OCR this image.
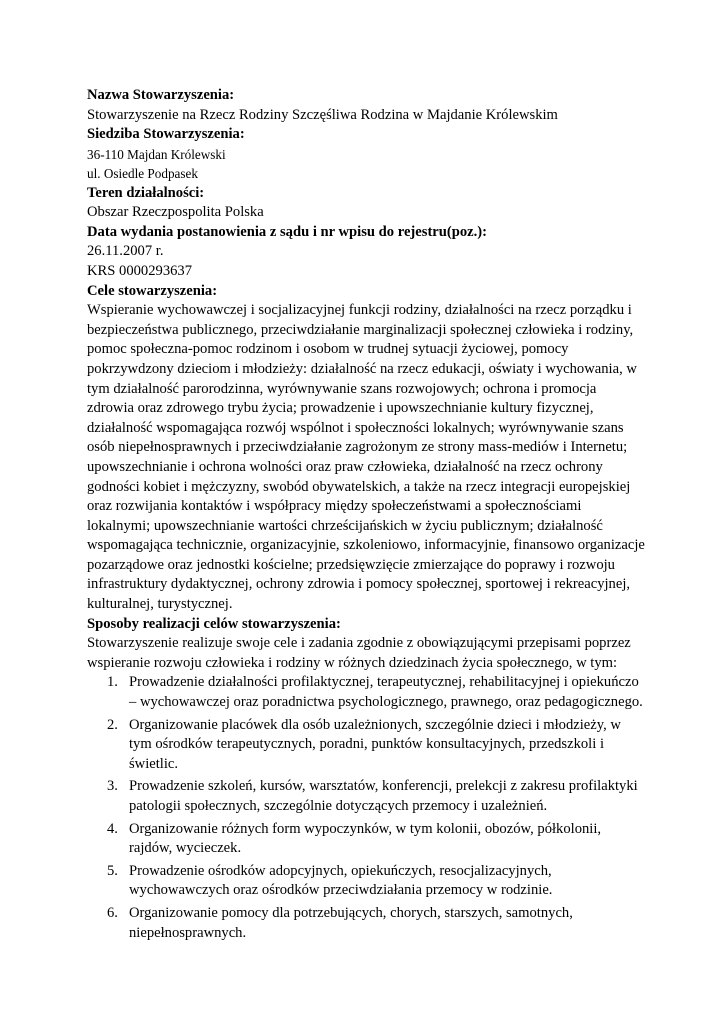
Nazwa Stowarzyszenia:
Stowarzyszenie na Rzecz Rodziny Szczęśliwa Rodzina w Majdanie Królewskim
Siedziba Stowarzyszenia:
36-110 Majdan Królewski
ul. Osiedle Podpasek
Teren działalności:
Obszar Rzeczpospolita Polska
Data wydania postanowienia z sądu i nr wpisu do rejestru(poz.):
26.11.2007 r.
KRS 0000293637
Cele stowarzyszenia:
Wspieranie wychowawczej i socjalizacyjnej funkcji rodziny, działalności na rzecz porządku i bezpieczeństwa publicznego, przeciwdziałanie marginalizacji społecznej człowieka i rodziny, pomoc społeczna-pomoc rodzinom i osobom w trudnej sytuacji życiowej, pomocy pokrzywdzony dzieciom i młodzieży: działalność na rzecz edukacji, oświaty i wychowania, w tym działalność parorodzinna, wyrównywanie szans rozwojowych; ochrona i promocja zdrowia oraz zdrowego trybu życia; prowadzenie i upowszechnianie kultury fizycznej, działalność wspomagająca rozwój wspólnot i społeczności lokalnych; wyrównywanie szans osób niepełnosprawnych i przeciwdziałanie zagrożonym ze strony mass-mediów i Internetu; upowszechnianie i ochrona wolności oraz praw człowieka, działalność na rzecz ochrony godności kobiet i mężczyzny, swobód obywatelskich, a także na rzecz integracji europejskiej oraz rozwijania kontaktów i współpracy między społeczeństwami a społecznościami lokalnymi; upowszechnianie wartości chrześcijańskich w życiu publicznym; działalność wspomagająca technicznie, organizacyjnie, szkoleniowo, informacyjnie, finansowo organizacje pozarządowe oraz jednostki kościelne; przedsięwzięcie zmierzające do poprawy i rozwoju infrastruktury dydaktycznej, ochrony zdrowia i pomocy społecznej, sportowej i rekreacyjnej, kulturalnej, turystycznej.
Sposoby realizacji celów stowarzyszenia:
Stowarzyszenie realizuje swoje cele i zadania zgodnie z obowiązującymi przepisami poprzez wspieranie rozwoju człowieka i rodziny w różnych dziedzinach życia społecznego, w tym:
1. Prowadzenie działalności profilaktycznej, terapeutycznej, rehabilitacyjnej i opiekuńczo – wychowawczej oraz poradnictwa psychologicznego, prawnego, oraz pedagogicznego.
2. Organizowanie placówek dla osób uzależnionych, szczególnie dzieci i młodzieży, w tym ośrodków terapeutycznych, poradni, punktów konsultacyjnych, przedszkoli i świetlic.
3. Prowadzenie szkoleń, kursów, warsztatów, konferencji, prelekcji z zakresu profilaktyki patologii społecznych, szczególnie dotyczących przemocy i uzależnień.
4. Organizowanie różnych form wypoczynków, w tym kolonii, obozów, półkolonii, rajdów, wycieczek.
5. Prowadzenie ośrodków adopcyjnych, opiekuńczych, resocjalizacyjnych, wychowawczych oraz ośrodków przeciwdziałania przemocy w rodzinie.
6. Organizowanie pomocy dla potrzebujących, chorych, starszych, samotnych, niepełnosprawnych.
